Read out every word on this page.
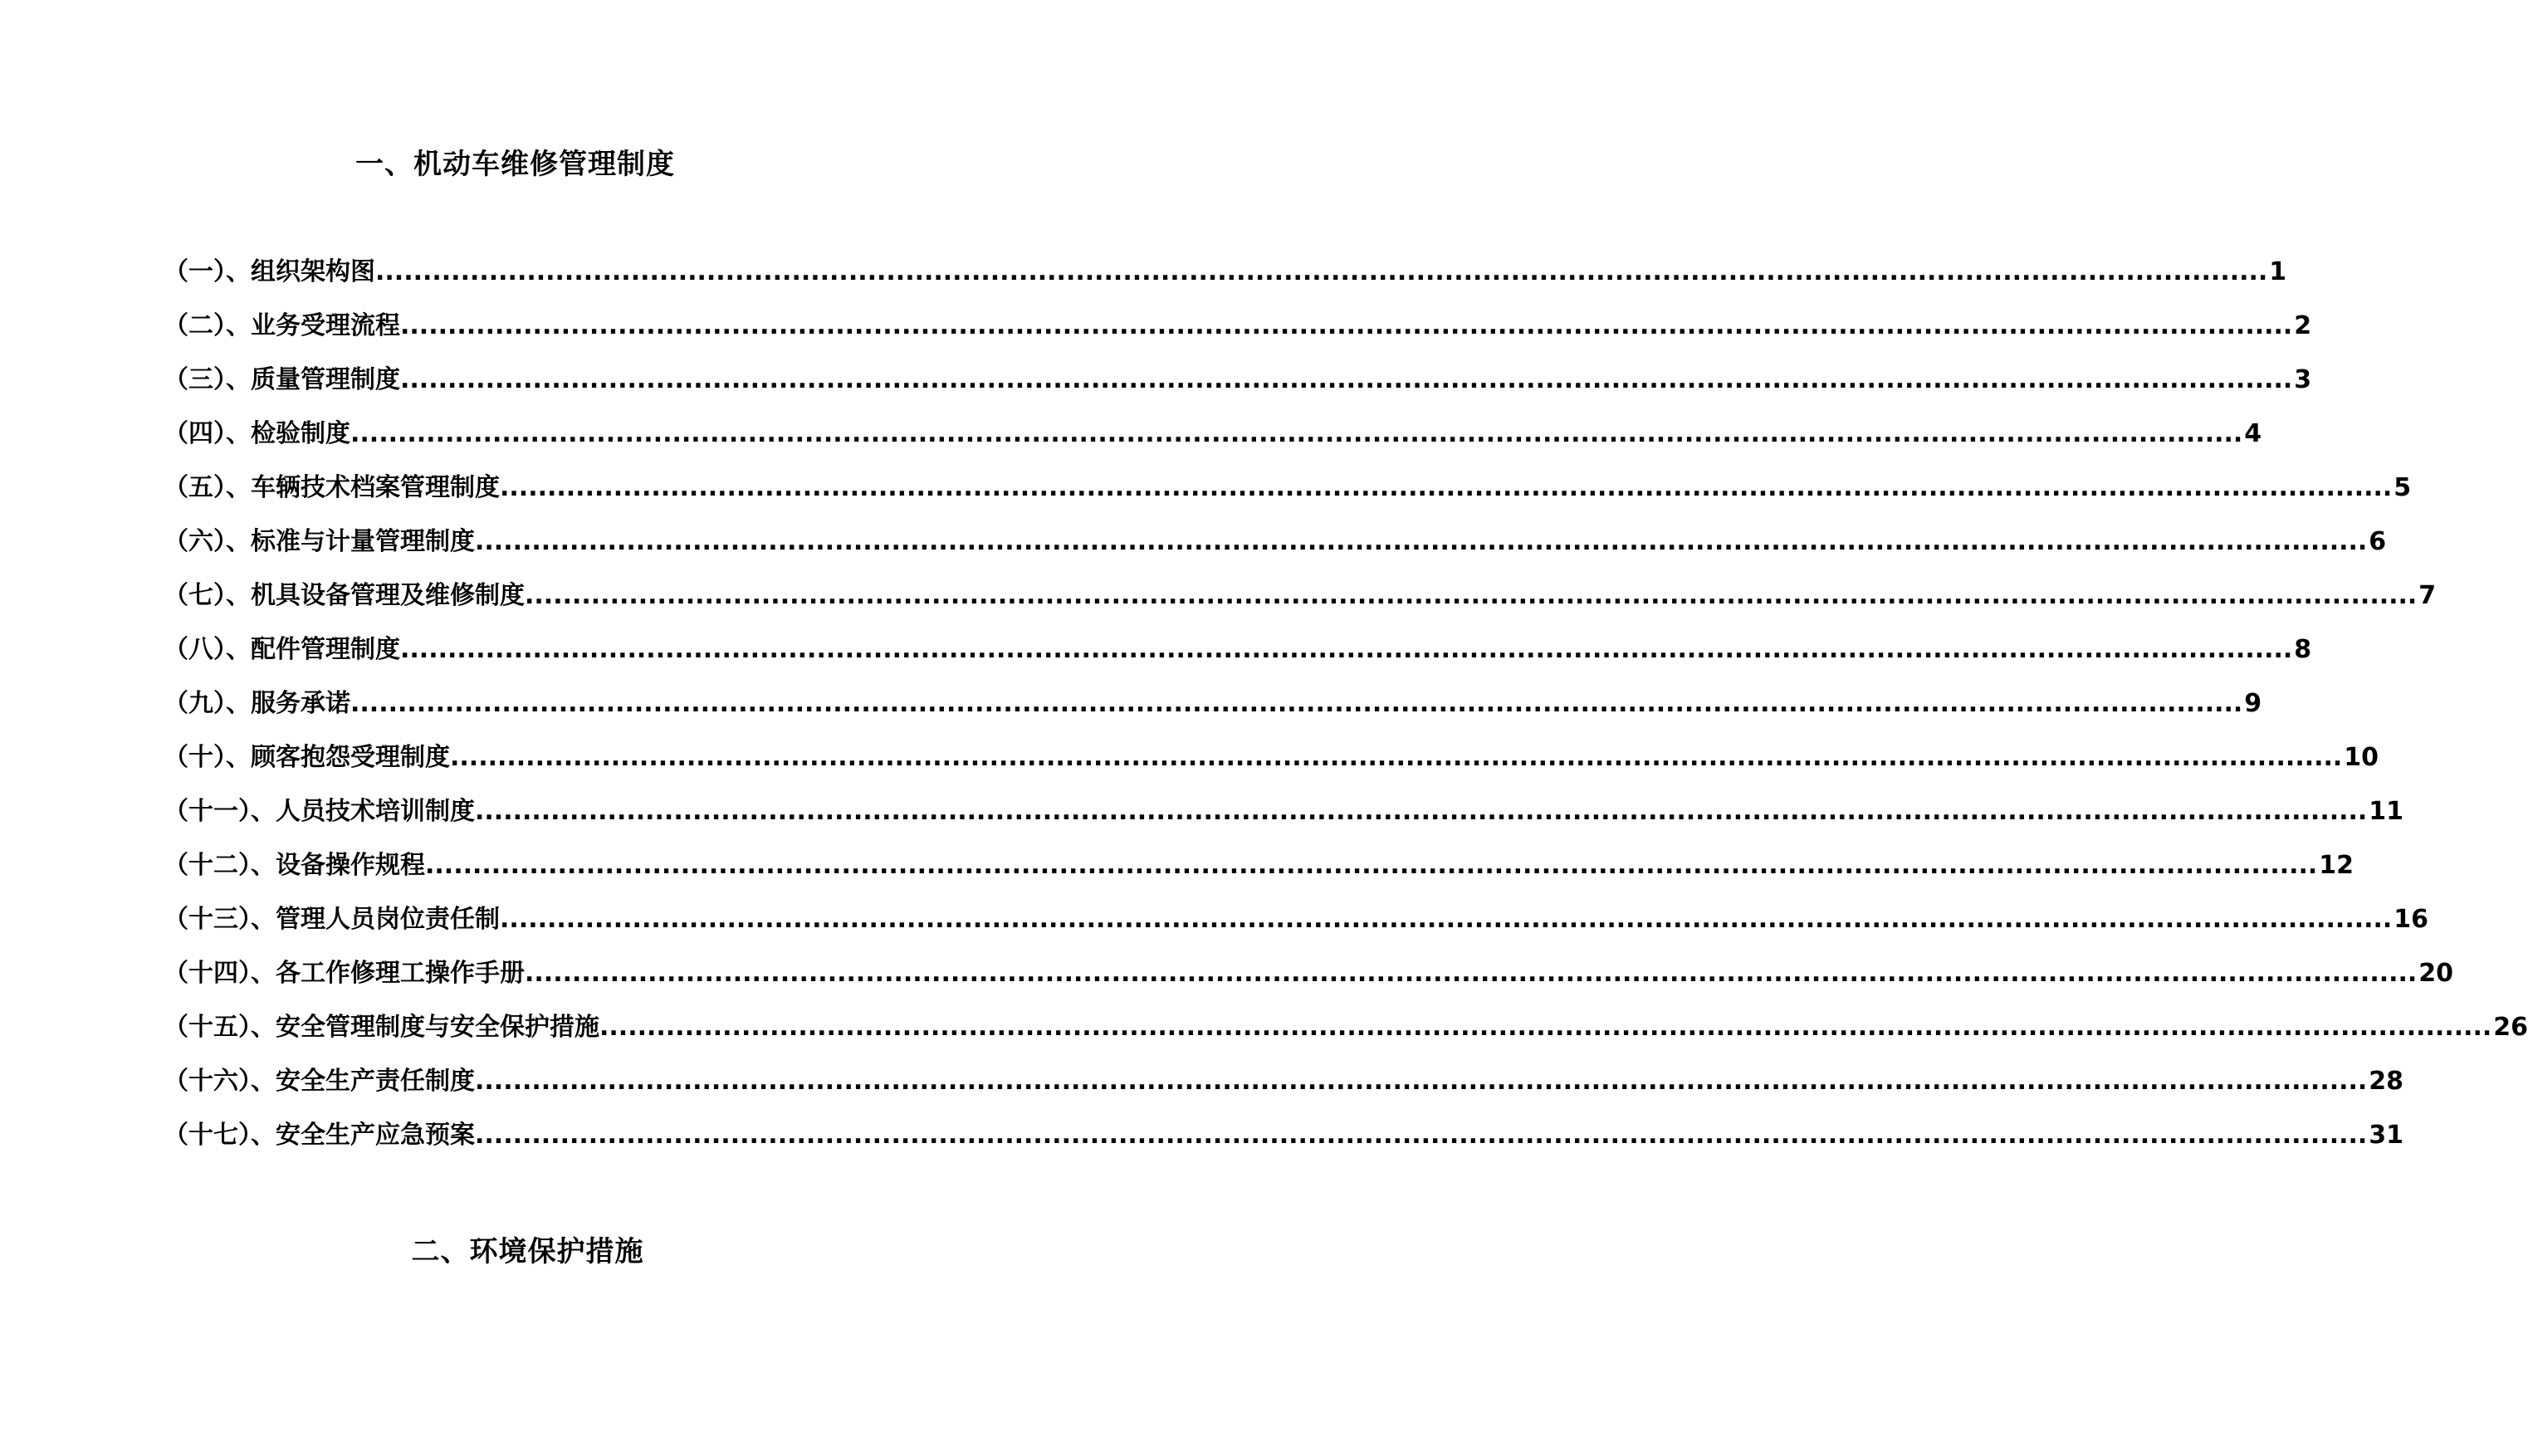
一、机动车维修管理制度
（一）、组织架构图 ........................................................................................................................................................................................................ 1
（二）、业务受理流程 ........................................................................................................................................................................................................ 2
（三）、质量管理制度 ........................................................................................................................................................................................................ 3
（四）、检验制度 ........................................................................................................................................................................................................ 4
（五）、车辆技术档案管理制度 ........................................................................................................................................................................................................ 5
（六）、标准与计量管理制度 ........................................................................................................................................................................................................ 6
（七）、机具设备管理及维修制度 ........................................................................................................................................................................................................ 7
（八）、配件管理制度 ........................................................................................................................................................................................................ 8
（九）、服务承诺 ........................................................................................................................................................................................................ 9
（十）、顾客抱怨受理制度 ........................................................................................................................................................................................................ 10
（十一）、人员技术培训制度 ........................................................................................................................................................................................................ 11
（十二）、设备操作规程 ........................................................................................................................................................................................................ 12
（十三）、管理人员岗位责任制 ........................................................................................................................................................................................................ 16
（十四）、各工作修理工操作手册 ........................................................................................................................................................................................................ 20
（十五）、安全管理制度与安全保护措施 ........................................................................................................................................................................................................ 26
（十六）、安全生产责任制度 ........................................................................................................................................................................................................ 28
（十七）、安全生产应急预案 ........................................................................................................................................................................................................ 31
二、环境保护措施
